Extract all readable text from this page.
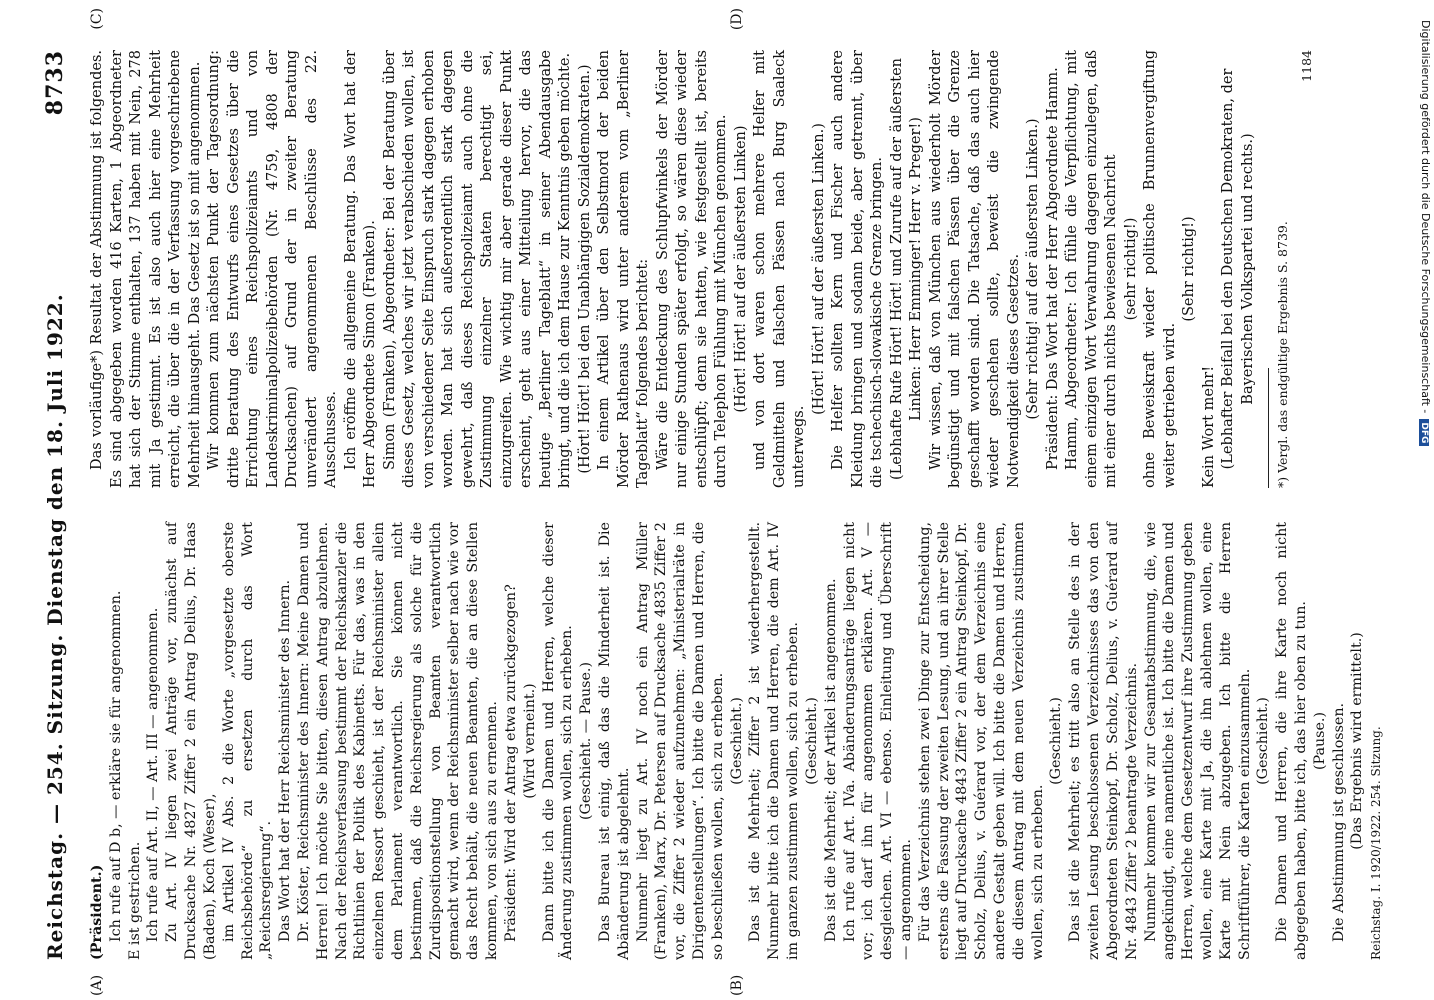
Reichstag. — 254. Sitzung. Dienstag den 18. Juli 1922.
8733
(A)	(B)

(Präsident.) Ich rufe auf D b, — erkläre sie für angenommen. E ist gestrichen. Ich rufe auf Art. II, — Art. III — angenommen. Zu Art. IV liegen zwei Anträge vor, zunächst auf Drucksache Nr. 4827 Ziffer 2 ein Antrag Delius, Dr. Haas (Baden), Koch (Weser), im Artikel IV Abs. 2 die Worte „vorgesetzte oberste Reichsbehörde“ zu ersetzen durch das Wort „Reichsregierung“. Das Wort hat der Herr Reichsminister des Innern. Dr. Köster, Reichsminister des Innern: Meine Damen und Herren! Ich möchte Sie bitten, diesen Antrag abzulehnen. Nach der Reichsverfassung bestimmt der Reichskanzler die Richtlinien der Politik des Kabinetts. Für das, was in den einzelnen Ressort geschieht, ist der Reichsminister allein dem Parlament verantwortlich. Sie können nicht bestimmen, daß die Reichsregierung als solche für die Zurdispositionstellung von Beamten verantwortlich gemacht wird, wenn der Reichsminister selber nach wie vor das Recht behält, die neuen Beamten, die an diese Stellen kommen, von sich aus zu ernennen. Präsident: Wird der Antrag etwa zurückgezogen? (Wird verneint.) Dann bitte ich die Damen und Herren, welche dieser Änderung zustimmen wollen, sich zu erheben. (Geschieht. — Pause.) Das Bureau ist einig, daß das die Minderheit ist. Die Abänderung ist abgelehnt. Nunmehr liegt zu Art. IV noch ein Antrag Müller (Franken), Marx, Dr. Petersen auf Drucksache 4835 Ziffer 2 vor, die Ziffer 2 wieder aufzunehmen: „Ministerialräte in Dirigentenstellungen“. Ich bitte die Damen und Herren, die so beschließen wollen, sich zu erheben. (Geschieht.) Das ist die Mehrheit; Ziffer 2 ist wiederhergestellt. Nunmehr bitte ich die Damen und Herren, die dem Art. IV im ganzen zustimmen wollen, sich zu erheben. (Geschieht.) Das ist die Mehrheit; der Artikel ist angenommen. Ich rufe auf Art. IVa. Abänderungsanträge liegen nicht vor; ich darf ihn für angenommen erklären. Art. V — desgleichen. Art. VI — ebenso. Einleitung und Überschrift — angenommen. Für das Verzeichnis stehen zwei Dinge zur Entscheidung, erstens die Fassung der zweiten Lesung, und an ihrer Stelle liegt auf Drucksache 4843 Ziffer 2 ein Antrag Steinkopf, Dr. Scholz, Delius, v. Guérard vor, der dem Verzeichnis eine andere Gestalt geben will. Ich bitte die Damen und Herren, die diesem Antrag mit dem neuen Verzeichnis zustimmen wollen, sich zu erheben.

(Geschieht.) Das ist die Mehrheit; es tritt also an Stelle des in der zweiten Lesung beschlossenen Verzeichnisses das von den Abgeordneten Steinkopf, Dr. Scholz, Delius, v. Guérard auf Nr. 4843 Ziffer 2 beantragte Verzeichnis. Nunmehr kommen wir zur Gesamtabstimmung, die, wie angekündigt, eine namentliche ist. Ich bitte die Damen und Herren, welche dem Gesetzentwurf ihre Zustimmung geben wollen, eine Karte mit Ja, die ihn ablehnen wollen, eine Karte mit Nein abzugeben. Ich bitte die Herren Schriftführer, die Karten einzusammeln. (Geschieht.) Die Damen und Herren, die ihre Karte noch nicht abgegeben haben, bitte ich, das hier oben zu tun. (Pause.) Die Abstimmung ist geschlossen. (Das Ergebnis wird ermittelt.) Reichstag. I. 1920/1922. 254. Sitzung.

(C)	(D)

Das vorläufige*) Resultat der Abstimmung ist folgendes. Es sind abgegeben worden 416 Karten, 1 Abgeordneter hat sich der Stimme enthalten, 137 haben mit Nein, 278 mit Ja gestimmt. Es ist also auch hier eine Mehrheit erreicht, die über die in der Verfassung vorgeschriebene Mehrheit hinausgeht. Das Gesetz ist so mit angenommen. Wir kommen zum nächsten Punkt der Tagesordnung: dritte Beratung des Entwurfs eines Gesetzes über die Errichtung eines Reichspolizeiamts und von Landeskriminalpolizeibehörden (Nr. 4759, 4808 der Drucksachen) auf Grund der in zweiter Beratung unverändert angenommenen Beschlüsse des 22. Ausschusses. Ich eröffne die allgemeine Beratung. Das Wort hat der Herr Abgeordnete Simon (Franken). Simon (Franken), Abgeordneter: Bei der Beratung über dieses Gesetz, welches wir jetzt verabschieden wollen, ist von verschiedener Seite Einspruch stark dagegen erhoben worden. Man hat sich außerordentlich stark dagegen gewehrt, daß dieses Reichspolizeiamt auch ohne die Zustimmung einzelner Staaten berechtigt sei, einzugreifen. Wie wichtig mir aber gerade dieser Punkt erscheint, geht aus einer Mitteilung hervor, die das heutige „Berliner Tageblatt“ in seiner Abendausgabe bringt, und die ich dem Hause zur Kenntnis geben möchte. (Hört! Hört! bei den Unabhängigen Sozialdemokraten.) In einem Artikel über den Selbstmord der beiden Mörder Rathenaus wird unter anderem vom „Berliner Tageblatt“ folgendes berichtet: Wäre die Entdeckung des Schlupfwinkels der Mörder nur einige Stunden später erfolgt, so wären diese wieder entschlüpft; denn sie hatten, wie festgestellt ist, bereits durch Telephon Fühlung mit München genommen. (Hört! Hört! auf der äußersten Linken) und von dort waren schon mehrere Helfer mit Geldmitteln und falschen Pässen nach Burg Saaleck unterwegs.

(Hört! Hört! auf der äußersten Linken.) Die Helfer sollten Kern und Fischer auch andere Kleidung bringen und sodann beide, aber getrennt, über die tschechisch-slowakische Grenze bringen. (Lebhafte Rufe Hört! Hört! und Zurufe auf der äußersten Linken: Herr Emminger! Herr v. Preger!) Wir wissen, daß von München aus wiederholt Mörder begünstigt und mit falschen Pässen über die Grenze geschafft worden sind. Die Tatsache, daß das auch hier wieder geschehen sollte, beweist die zwingende Notwendigkeit dieses Gesetzes. (Sehr richtig! auf der äußersten Linken.) Präsident: Das Wort hat der Herr Abgeordnete Hamm. Hamm, Abgeordneter: Ich fühle die Verpflichtung, mit einem einzigen Wort Verwahrung dagegen einzulegen, daß mit einer durch nichts bewiesenen Nachricht (sehr richtig!) ohne Beweiskraft wieder politische Brunnenvergiftung weiter getrieben wird.

(Sehr richtig!)

Kein Wort mehr! (Lebhafter Beifall bei den Deutschen Demokraten, der Bayerischen Volkspartei und rechts.) *) Vergl. das endgültige Ergebnis S. 8739.

1184	Digitalisierung gefördert durch die Deutsche Forschungsgemeinschaft -DFG
